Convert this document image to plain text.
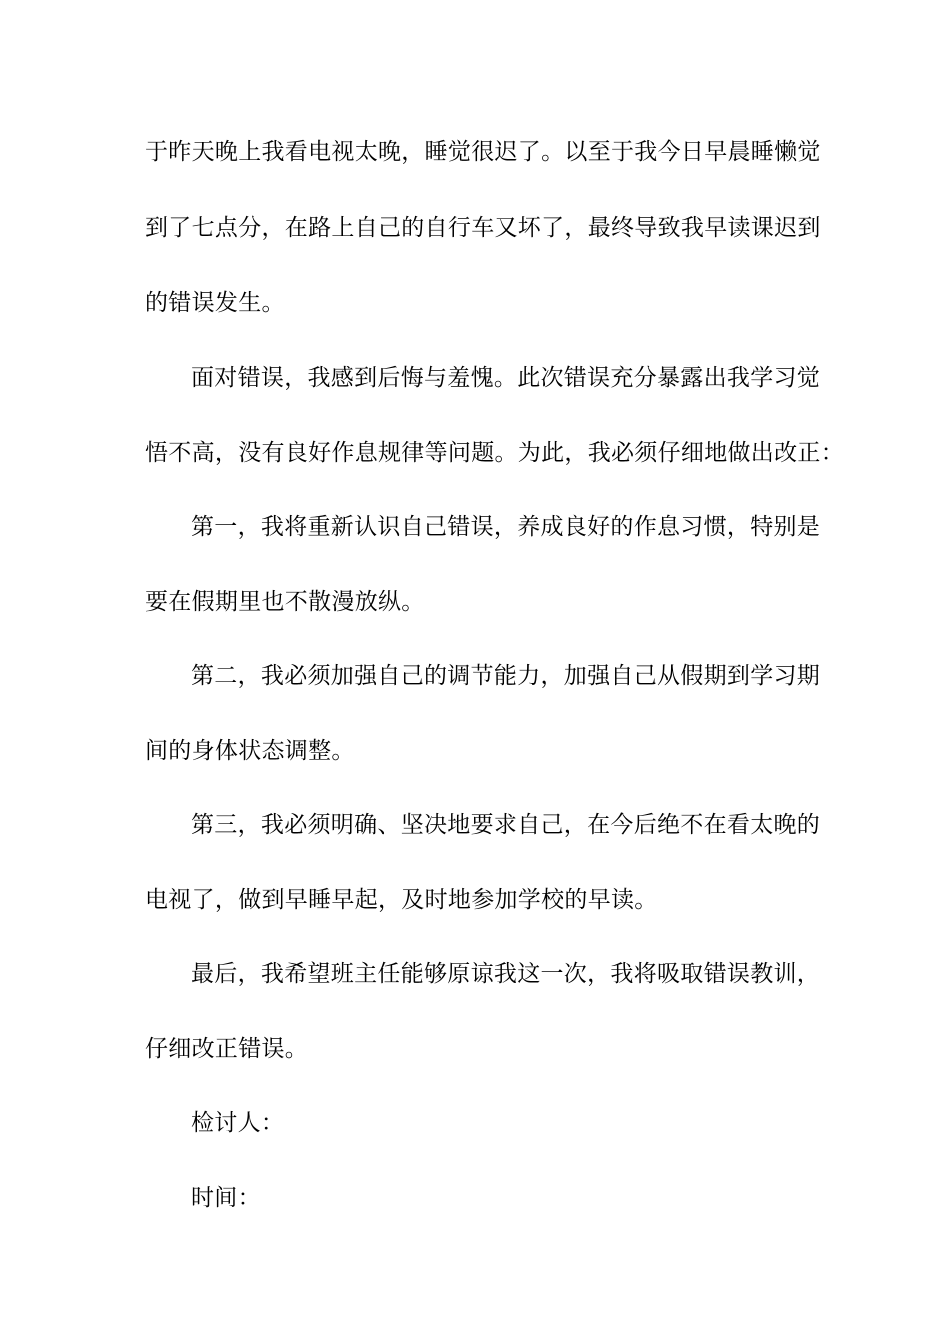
于昨天晚上我看电视太晚，睡觉很迟了。以至于我今日早晨睡懒觉
到了七点分，在路上自己的自行车又坏了，最终导致我早读课迟到
的错误发生。
面对错误，我感到后悔与羞愧。此次错误充分暴露出我学习觉
悟不高，没有良好作息规律等问题。为此，我必须仔细地做出改正：
第一，我将重新认识自己错误，养成良好的作息习惯，特别是
要在假期里也不散漫放纵。
第二，我必须加强自己的调节能力，加强自己从假期到学习期
间的身体状态调整。
第三，我必须明确、坚决地要求自己，在今后绝不在看太晚的
电视了，做到早睡早起，及时地参加学校的早读。
最后，我希望班主任能够原谅我这一次，我将吸取错误教训，
仔细改正错误。
检讨人：
时间：
